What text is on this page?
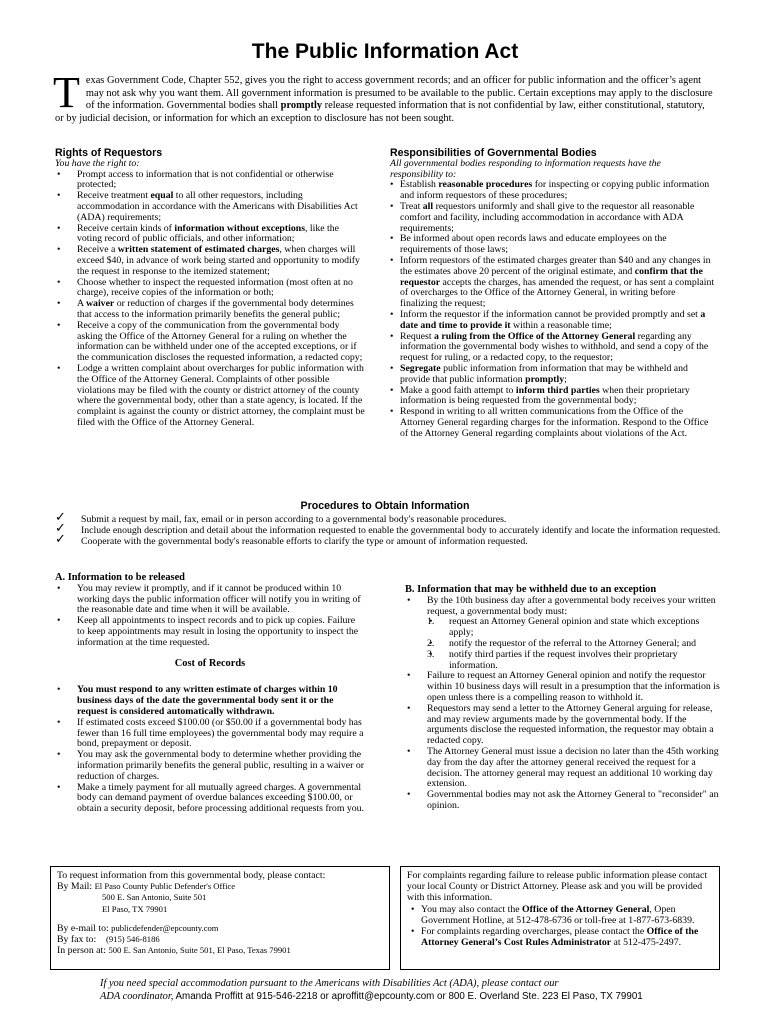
The Public Information Act

Texas Government Code, Chapter 552, gives you the right to access government records; and an officer for public information and the officer’s agent may not ask why you want them. All government information is presumed to be available to the public. Certain exceptions may apply to the disclosure of the information. Governmental bodies shall promptly release requested information that is not confidential by law, either constitutional, statutory, or by judicial decision, or information for which an exception to disclosure has not been sought.

Rights of Requestors

You have the right to:

• Prompt access to information that is not confidential or otherwise protected;
• Receive treatment equal to all other requestors, including accommodation in accordance with the Americans with Disabilities Act (ADA) requirements;
• Receive certain kinds of information without exceptions, like the voting record of public officials, and other information;
• Receive a written statement of estimated charges, when charges will exceed $40, in advance of work being started and opportunity to modify the request in response to the itemized statement;
• Choose whether to inspect the requested information (most often at no charge), receive copies of the information or both;
• A waiver or reduction of charges if the governmental body determines that access to the information primarily benefits the general public;
• Receive a copy of the communication from the governmental body asking the Office of the Attorney General for a ruling on whether the information can be withheld under one of the accepted exceptions, or if the communication discloses the requested information, a redacted copy;
• Lodge a written complaint about overcharges for public information with the Office of the Attorney General. Complaints of other possible violations may be filed with the county or district attorney of the county where the governmental body, other than a state agency, is located. If the complaint is against the county or district attorney, the complaint must be filed with the Office of the Attorney General.

Responsibilities of Governmental Bodies

All governmental bodies responding to information requests have the responsibility to:

• Establish reasonable procedures for inspecting or copying public information and inform requestors of these procedures;
• Treat all requestors uniformly and shall give to the requestor all reasonable comfort and facility, including accommodation in accordance with ADA requirements;
• Be informed about open records laws and educate employees on the requirements of those laws;
• Inform requestors of the estimated charges greater than $40 and any changes in the estimates above 20 percent of the original estimate, and confirm that the requestor accepts the charges, has amended the request, or has sent a complaint of overcharges to the Office of the Attorney General, in writing before finalizing the request;
• Inform the requestor if the information cannot be provided promptly and set a date and time to provide it within a reasonable time;
• Request a ruling from the Office of the Attorney General regarding any information the governmental body wishes to withhold, and send a copy of the request for ruling, or a redacted copy, to the requestor;
• Segregate public information from information that may be withheld and provide that public information promptly;
• Make a good faith attempt to inform third parties when their proprietary information is being requested from the governmental body;
• Respond in writing to all written communications from the Office of the Attorney General regarding charges for the information. Respond to the Office of the Attorney General regarding complaints about violations of the Act.

Procedures to Obtain Information

✓ Submit a request by mail, fax, email or in person according to a governmental body's reasonable procedures.
✓ Include enough description and detail about the information requested to enable the governmental body to accurately identify and locate the information requested.
✓ Cooperate with the governmental body's reasonable efforts to clarify the type or amount of information requested.

A. Information to be released

• You may review it promptly, and if it cannot be produced within 10 working days the public information officer will notify you in writing of the reasonable date and time when it will be available.
• Keep all appointments to inspect records and to pick up copies. Failure to keep appointments may result in losing the opportunity to inspect the information at the time requested.

Cost of Records

• You must respond to any written estimate of charges within 10 business days of the date the governmental body sent it or the request is considered automatically withdrawn.
• If estimated costs exceed $100.00 (or $50.00 if a governmental body has fewer than 16 full time employees) the governmental body may require a bond, prepayment or deposit.
• You may ask the governmental body to determine whether providing the information primarily benefits the general public, resulting in a waiver or reduction of charges.
• Make a timely payment for all mutually agreed charges. A governmental body can demand payment of overdue balances exceeding $100.00, or obtain a security deposit, before processing additional requests from you.

B. Information that may be withheld due to an exception

• By the 10th business day after a governmental body receives your written request, a governmental body must:
• 1. request an Attorney General opinion and state which exceptions apply;
• 2. notify the requestor of the referral to the Attorney General; and
• 3. notify third parties if the request involves their proprietary information.
• Failure to request an Attorney General opinion and notify the requestor within 10 business days will result in a presumption that the information is open unless there is a compelling reason to withhold it.
• Requestors may send a letter to the Attorney General arguing for release, and may review arguments made by the governmental body. If the arguments disclose the requested information, the requestor may obtain a redacted copy.
• The Attorney General must issue a decision no later than the 45th working day from the day after the attorney general received the request for a decision. The attorney general may request an additional 10 working day extension.
• Governmental bodies may not ask the Attorney General to "reconsider" an opinion.
To request information from this governmental body, please contact:
By Mail: El Paso County Public Defender's Office
500 E. San Antonio, Suite 501
El Paso, TX 79901
By e-mail to: publicdefender@epcounty.com
By fax to: (915) 546-8186
In person at: 500 E. San Antonio, Suite 501, El Paso, Texas 79901
For complaints regarding failure to release public information please contact your local County or District Attorney. Please ask and you will be provided with this information.
• You may also contact the Office of the Attorney General, Open Government Hotline, at 512-478-6736 or toll-free at 1-877-673-6839.
• For complaints regarding overcharges, please contact the Office of the Attorney General’s Cost Rules Administrator at 512-475-2497.
If you need special accommodation pursuant to the Americans with Disabilities Act (ADA), please contact our
ADA coordinator, Amanda Proffitt at 915-546-2218 or aproffitt@epcounty.com or 800 E. Overland Ste. 223 El Paso, TX 79901
